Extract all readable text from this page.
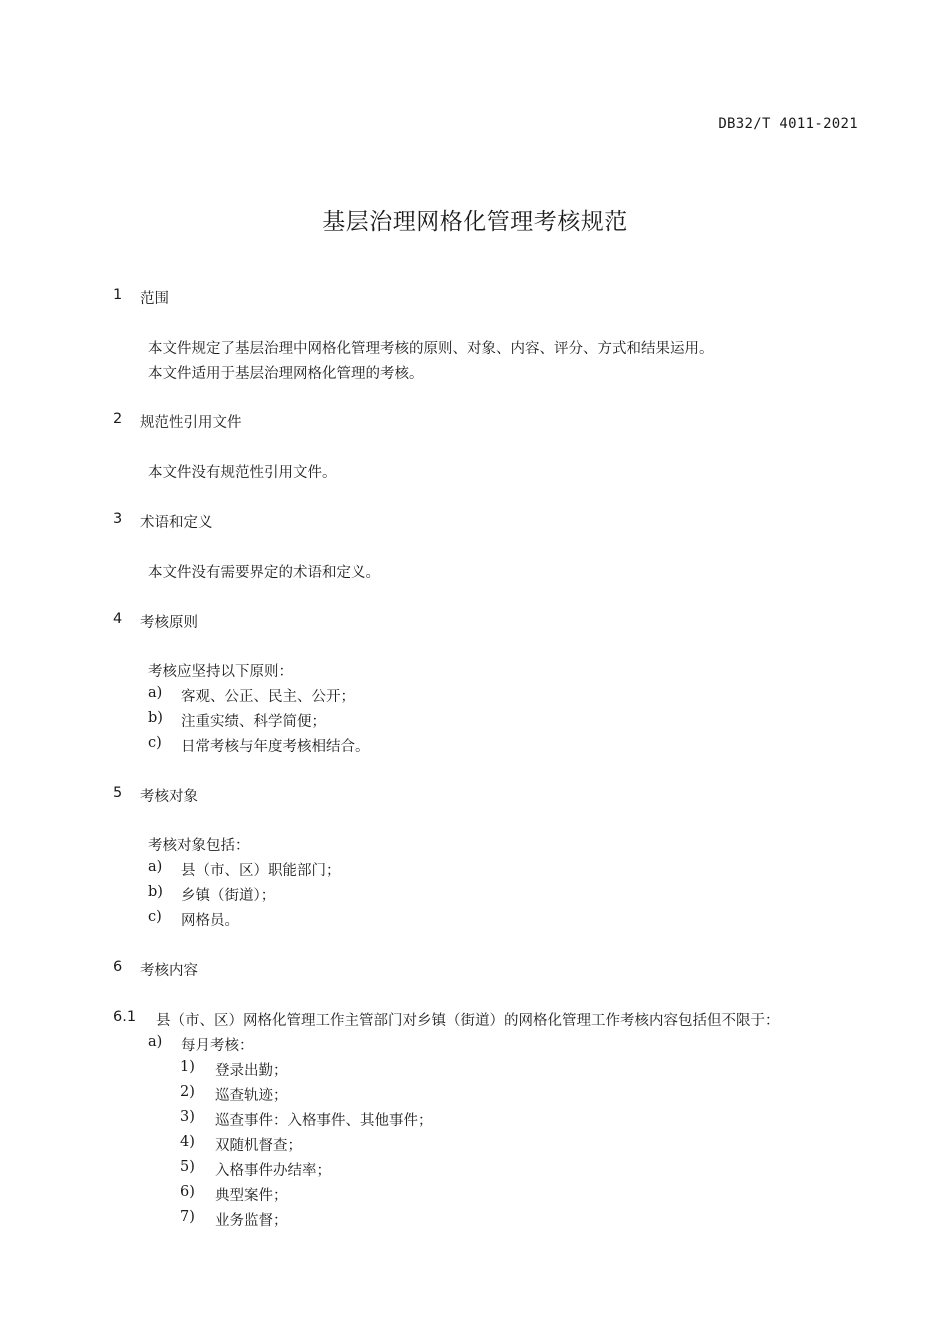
DB32/T 4011-2021
基层治理网格化管理考核规范
1 范围
本文件规定了基层治理中网格化管理考核的原则、对象、内容、评分、方式和结果运用。
本文件适用于基层治理网格化管理的考核。
2 规范性引用文件
本文件没有规范性引用文件。
3 术语和定义
本文件没有需要界定的术语和定义。
4 考核原则
考核应坚持以下原则：
a) 客观、公正、民主、公开；
b) 注重实绩、科学简便；
c) 日常考核与年度考核相结合。
5 考核对象
考核对象包括：
a) 县（市、区）职能部门；
b) 乡镇（街道）；
c) 网格员。
6 考核内容
6.1 县（市、区）网格化管理工作主管部门对乡镇（街道）的网格化管理工作考核内容包括但不限于：
a) 每月考核：
1) 登录出勤；
2) 巡查轨迹；
3) 巡查事件：入格事件、其他事件；
4) 双随机督查；
5) 入格事件办结率；
6) 典型案件；
7) 业务监督；
